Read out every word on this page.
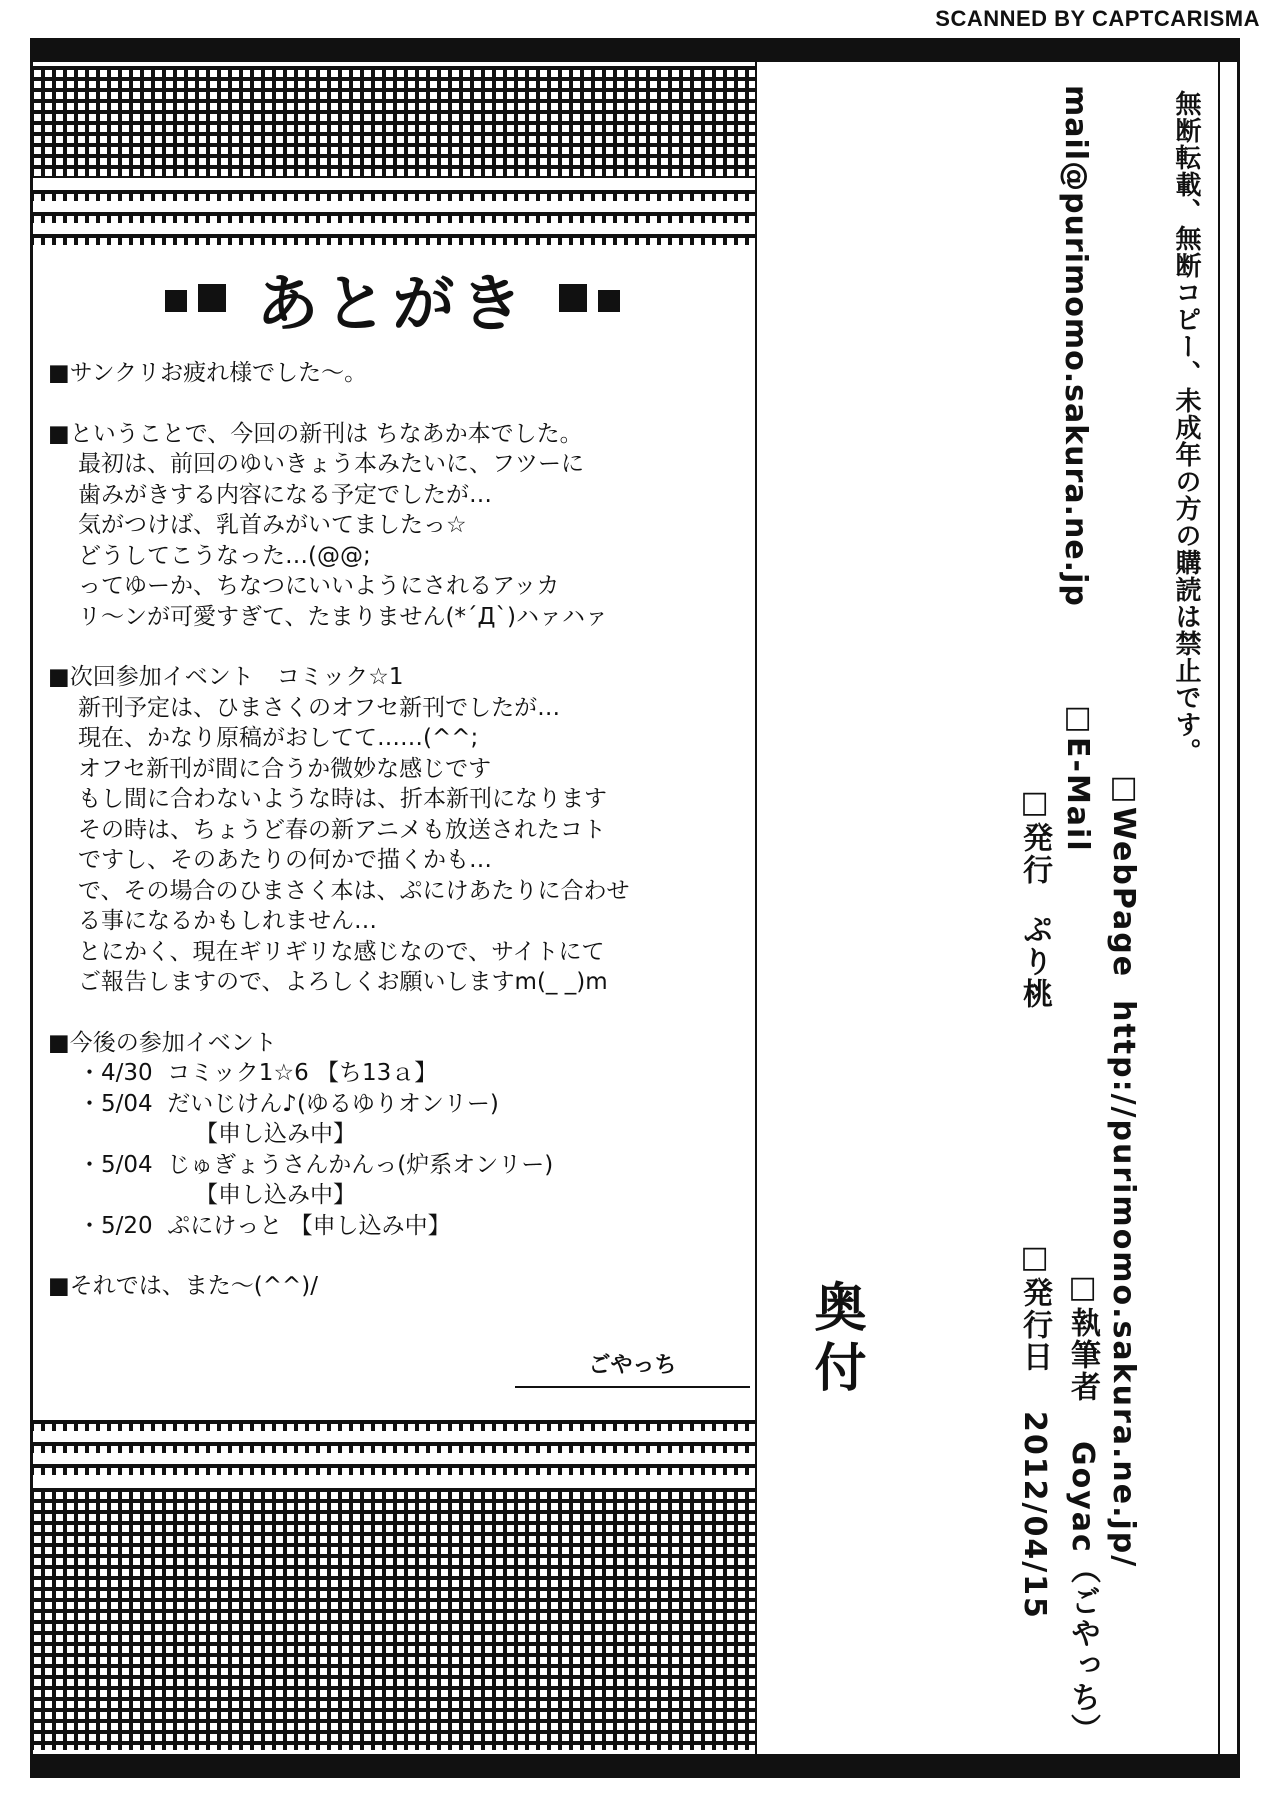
SCANNED BY CAPTCARISMA

あとがき

■サンクリお疲れ様でした～。
■ということで、今回の新刊は ちなあか本でした。
最初は、前回のゆいきょう本みたいに、フツーに
歯みがきする内容になる予定でしたが…
気がつけば、乳首みがいてましたっ☆
どうしてこうなった…(@@;
ってゆーか、ちなつにいいようにされるアッカ
リ～ンが可愛すぎて、たまりません(*´Д`)ハァハァ
■次回参加イベント　コミック☆1
新刊予定は、ひまさくのオフセ新刊でしたが…
現在、かなり原稿がおしてて……(^^;
オフセ新刊が間に合うか微妙な感じです
もし間に合わないような時は、折本新刊になります
その時は、ちょうど春の新アニメも放送されたコト
ですし、そのあたりの何かで描くかも…
で、その場合のひまさく本は、ぷにけあたりに合わせ
る事になるかもしれません…
とにかく、現在ギリギリな感じなので、サイトにて
ご報告しますので、よろしくお願いしますm(_ _)m
■今後の参加イベント
・4/30  コミック1☆6 【ち13ａ】
・5/04  だいじけん♪(ゆるゆりオンリー)
【申し込み中】
・5/04  じゅぎょうさんかんっ(炉系オンリー)
【申し込み中】
・5/20  ぷにけっと 【申し込み中】
■それでは、また～(^^)/
ごやっち
無断転載、無断コピー、未成年の方の購読は禁止です。
mail@purimomo.sakura.ne.jp
奥付
□発行ぷり桃
□発行日2012/04/15
□E-Mail
□執筆者Goyac（ごやっち）
□WebPagehttp://purimomo.sakura.ne.jp/
